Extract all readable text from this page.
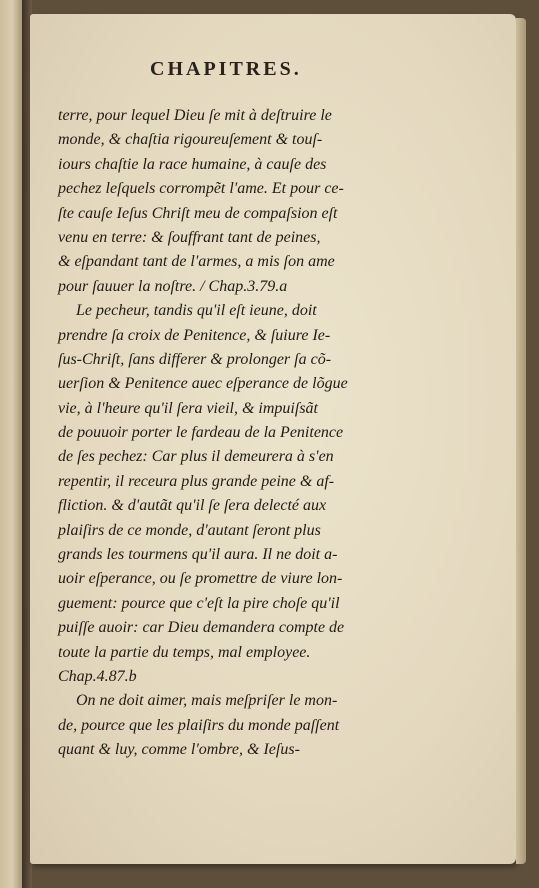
CHAPITRES.
terre, pour lequel Dieu ſe mit à deſtruire le
monde, & chaſtia rigoureuſement & touſ-
iours chaſtie la race humaine, à cauſe des
pechez leſquels corrompẽt l'ame. Et pour ce-
ſte cauſe Ieſus Chriſt meu de compaſsion eſt
venu en terre: & ſouffrant tant de peines,
& eſpandant tant de l'armes, a mis ſon ame
pour ſauuer la noſtre. / Chap.3.79.a
Le pecheur, tandis qu'il eſt ieune, doit
prendre ſa croix de Penitence, & ſuiure Ie-
ſus-Chriſt, ſans differer & prolonger ſa cõ-
uerſion & Penitence auec eſperance de lõgue
vie, à l'heure qu'il ſera vieil, & impuiſsãt
de pouuoir porter le fardeau de la Penitence
de ſes pechez: Car plus il demeurera à s'en
repentir, il receura plus grande peine & af-
fliction. & d'autãt qu'il ſe ſera delecté aux
plaiſirs de ce monde, d'autant ſeront plus
grands les tourmens qu'il aura. Il ne doit a-
uoir eſperance, ou ſe promettre de viure lon-
guement: pource que c'eſt la pire choſe qu'il
puiſſe auoir: car Dieu demandera compte de
toute la partie du temps, mal employee.
Chap.4.87.b
On ne doit aimer, mais meſpriſer le mon-
de, pource que les plaiſirs du monde paſſent
quant & luy, comme l'ombre, & Ieſus-
